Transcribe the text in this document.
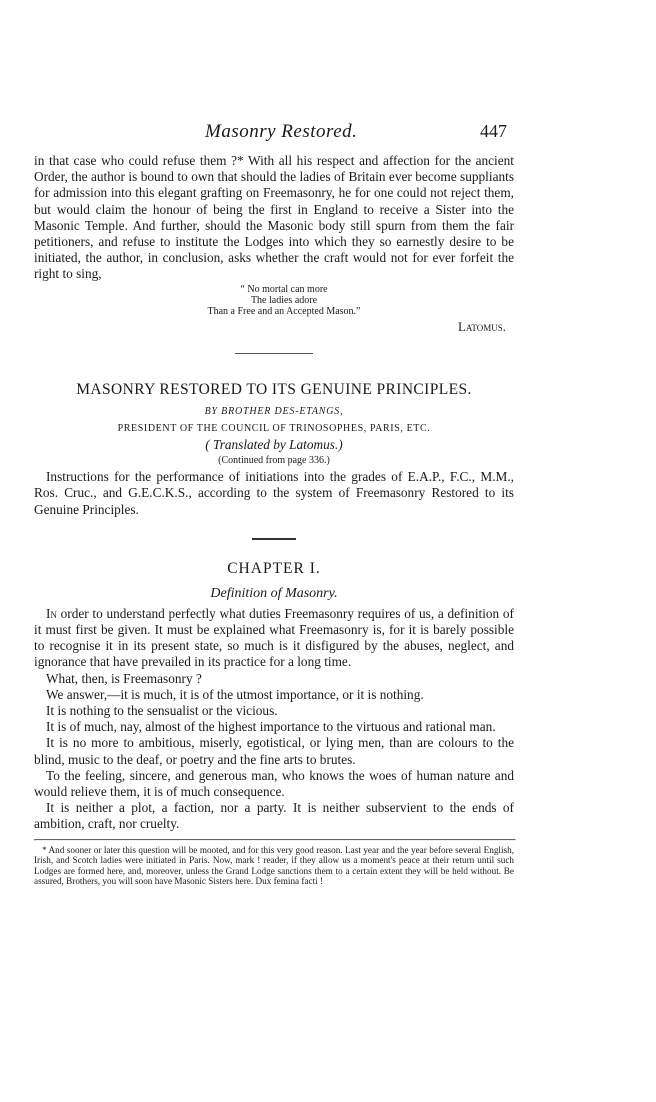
Masonry Restored.	447

in that case who could refuse them ?* With all his respect and affection for the ancient Order, the author is bound to own that should the ladies of Britain ever become suppliants for admission into this elegant grafting on Freemasonry, he for one could not reject them, but would claim the honour of being the first in England to receive a Sister into the Masonic Temple. And further, should the Masonic body still spurn from them the fair petitioners, and refuse to institute the Lodges into which they so earnestly desire to be initiated, the author, in conclusion, asks whether the craft would not for ever forfeit the right to sing,

“ No mortal can more
The ladies adore
Than a Free and an Accepted Mason.”
Latomus.
MASONRY RESTORED TO ITS GENUINE PRINCIPLES.
BY BROTHER DES-ETANGS,
PRESIDENT OF THE COUNCIL OF TRINOSOPHES, PARIS, ETC.
( Translated by Latomus.)
(Continued from page 336.)

Instructions for the performance of initiations into the grades of E.A.P., F.C., M.M., Ros. Cruc., and G.E.C.K.S., according to the system of Freemasonry Restored to its Genuine Principles.

CHAPTER I.
Definition of Masonry.

In order to understand perfectly what duties Freemasonry requires of us, a definition of it must first be given. It must be explained what Freemasonry is, for it is barely possible to recognise it in its present state, so much is it disfigured by the abuses, neglect, and ignorance that have prevailed in its practice for a long time.

What, then, is Freemasonry ?

We answer,—it is much, it is of the utmost importance, or it is nothing.

It is nothing to the sensualist or the vicious.

It is of much, nay, almost of the highest importance to the virtuous and rational man.

It is no more to ambitious, miserly, egotistical, or lying men, than are colours to the blind, music to the deaf, or poetry and the fine arts to brutes.

To the feeling, sincere, and generous man, who knows the woes of human nature and would relieve them, it is of much consequence.

It is neither a plot, a faction, nor a party. It is neither subservient to the ends of ambition, craft, nor cruelty.

* And sooner or later this question will be mooted, and for this very good reason. Last year and the year before several English, Irish, and Scotch ladies were initiated in Paris. Now, mark ! reader, if they allow us a moment's peace at their return until such Lodges are formed here, and, moreover, unless the Grand Lodge sanctions them to a certain extent they will be held without. Be assured, Brothers, you will soon have Masonic Sisters here. Dux femina facti !
